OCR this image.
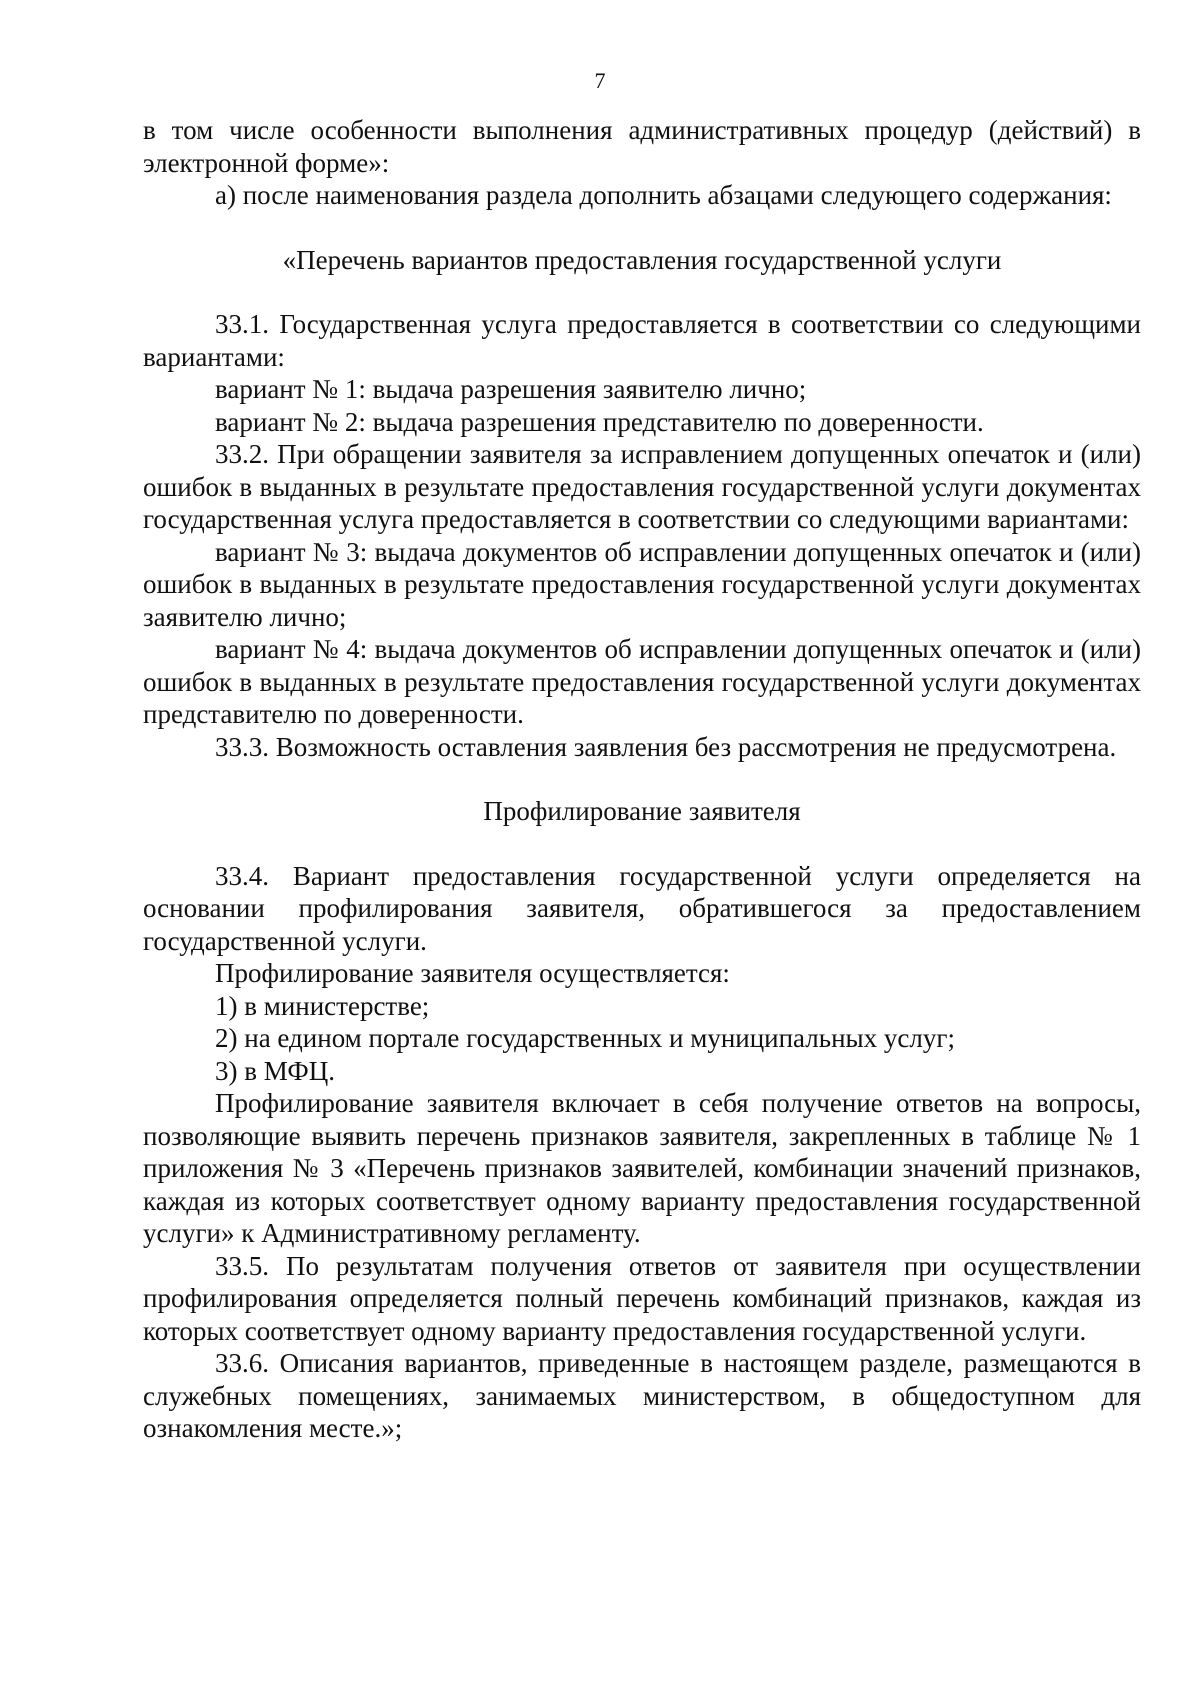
7

в том числе особенности выполнения административных процедур (действий) в электронной форме»:

а) после наименования раздела дополнить абзацами следующего содержания:

«Перечень вариантов предоставления государственной услуги

33.1. Государственная услуга предоставляется в соответствии со следующими вариантами:

вариант № 1: выдача разрешения заявителю лично;

вариант № 2: выдача разрешения представителю по доверенности.

33.2. При обращении заявителя за исправлением допущенных опечаток и (или) ошибок в выданных в результате предоставления государственной услуги документах государственная услуга предоставляется в соответствии со следующими вариантами:

вариант № 3: выдача документов об исправлении допущенных опечаток и (или) ошибок в выданных в результате предоставления государственной услуги документах заявителю лично;

вариант № 4: выдача документов об исправлении допущенных опечаток и (или) ошибок в выданных в результате предоставления государственной услуги документах представителю по доверенности.

33.3. Возможность оставления заявления без рассмотрения не предусмотрена.

Профилирование заявителя

33.4. Вариант предоставления государственной услуги определяется на основании профилирования заявителя, обратившегося за предоставлением государственной услуги.

Профилирование заявителя осуществляется:

1) в министерстве;

2) на едином портале государственных и муниципальных услуг;

3) в МФЦ.

Профилирование заявителя включает в себя получение ответов на вопросы, позволяющие выявить перечень признаков заявителя, закрепленных в таблице № 1 приложения № 3 «Перечень признаков заявителей, комбинации значений признаков, каждая из которых соответствует одному варианту предоставления государственной услуги» к Административному регламенту.

33.5. По результатам получения ответов от заявителя при осуществлении профилирования определяется полный перечень комбинаций признаков, каждая из которых соответствует одному варианту предоставления государственной услуги.

33.6. Описания вариантов, приведенные в настоящем разделе, размещаются в служебных помещениях, занимаемых министерством, в общедоступном для ознакомления месте.»;
